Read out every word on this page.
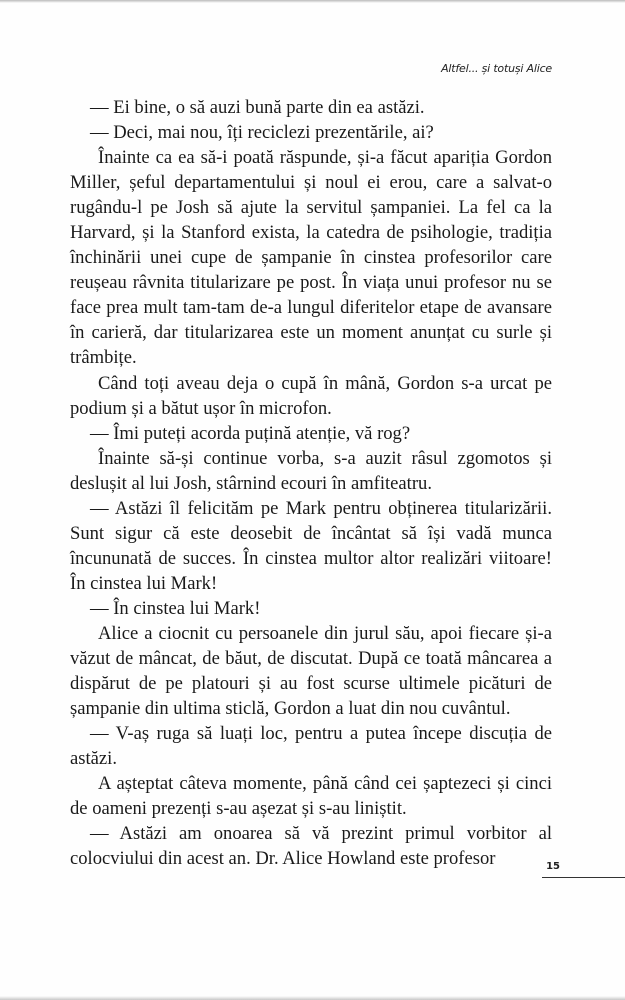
Altfel... și totuși Alice

— Ei bine, o să auzi bună parte din ea astăzi.

— Deci, mai nou, îți reciclezi prezentările, ai?

Înainte ca ea să-i poată răspunde, și-a făcut apariția Gordon Miller, șeful departamentului și noul ei erou, care a salvat-o rugându-l pe Josh să ajute la servitul șampaniei. La fel ca la Harvard, și la Stanford exista, la catedra de psihologie, tradiția închinării unei cupe de șampanie în cinstea profesorilor care reușeau râvnita titularizare pe post. În viața unui profesor nu se face prea mult tam-tam de-a lungul diferitelor etape de avansare în carieră, dar titularizarea este un moment anunțat cu surle și trâmbițe.

Când toți aveau deja o cupă în mână, Gordon s-a urcat pe podium și a bătut ușor în microfon.

— Îmi puteți acorda puțină atenție, vă rog?

Înainte să-și continue vorba, s-a auzit râsul zgomotos și deslușit al lui Josh, stârnind ecouri în amfiteatru.

— Astăzi îl felicităm pe Mark pentru obținerea titularizării. Sunt sigur că este deosebit de încântat să își vadă munca încununată de succes. În cinstea multor altor realizări viitoare! În cinstea lui Mark!

— În cinstea lui Mark!

Alice a ciocnit cu persoanele din jurul său, apoi fiecare și-a văzut de mâncat, de băut, de discutat. După ce toată mâncarea a dispărut de pe platouri și au fost scurse ultimele picături de șampanie din ultima sticlă, Gordon a luat din nou cuvântul.

— V-aș ruga să luați loc, pentru a putea începe discuția de astăzi.

A așteptat câteva momente, până când cei șaptezeci și cinci de oameni prezenți s-au așezat și s-au liniștit.

— Astăzi am onoarea să vă prezint primul vorbitor al colocviului din acest an. Dr. Alice Howland este profesor	15
